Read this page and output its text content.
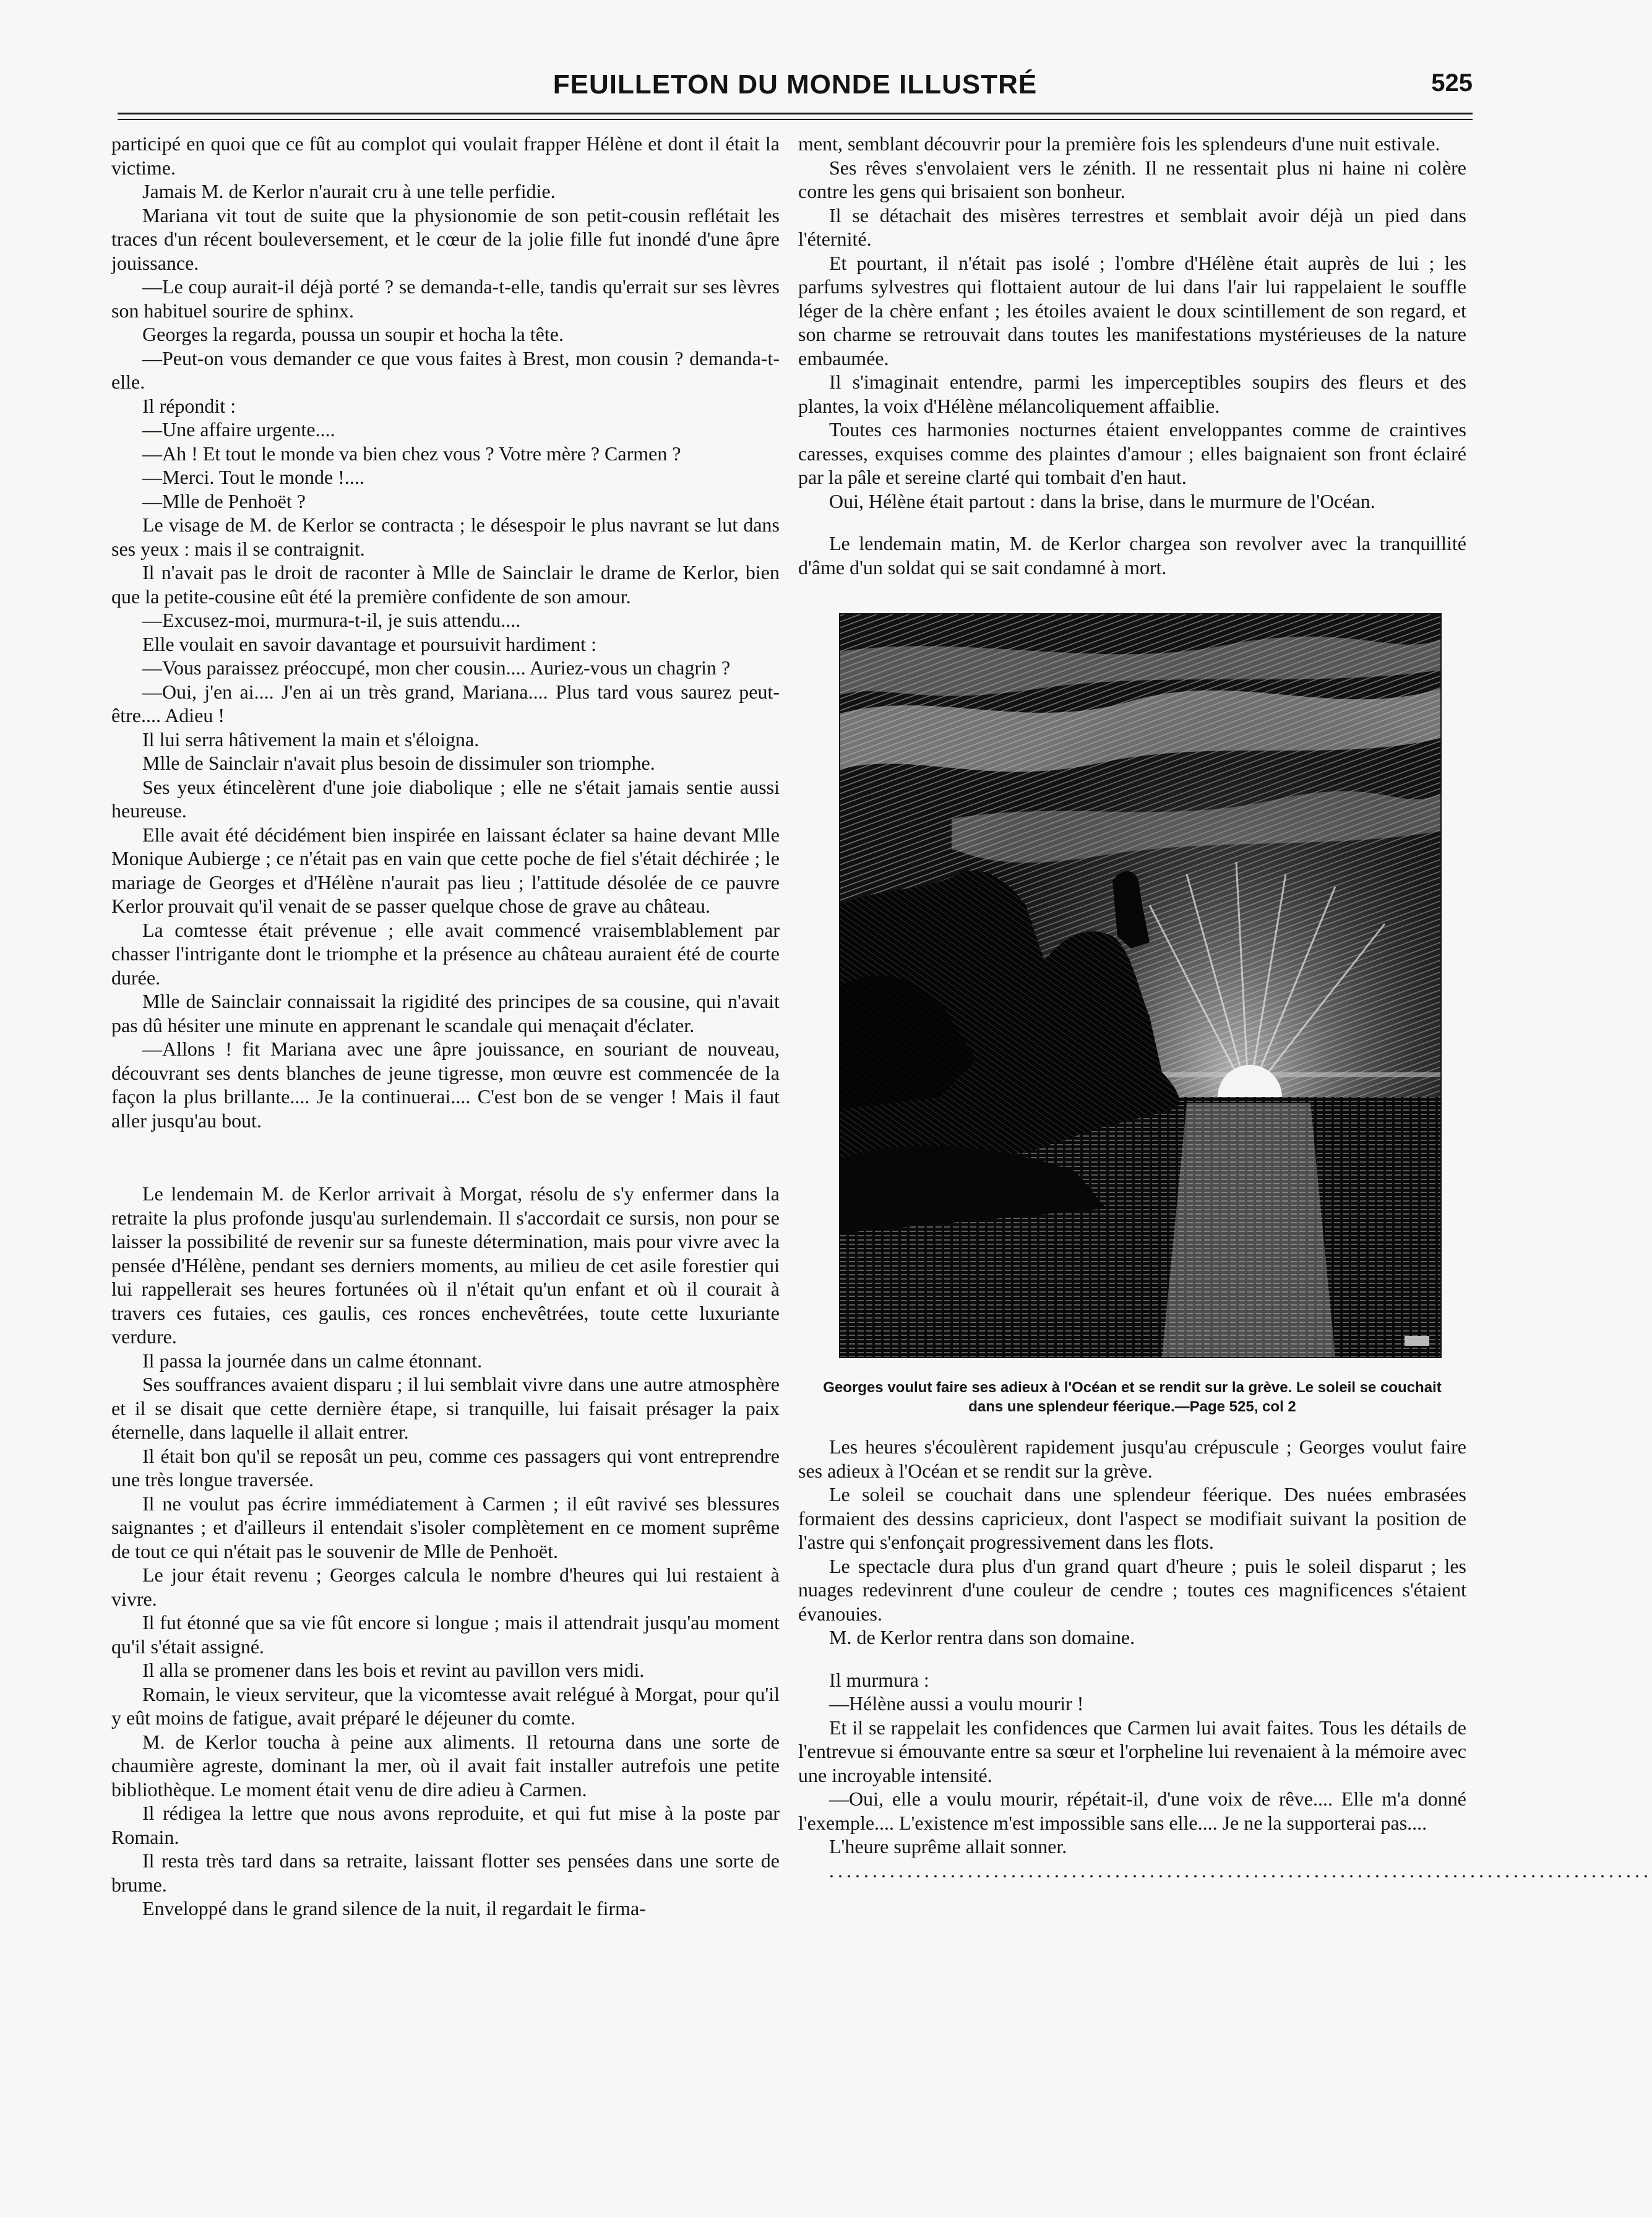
FEUILLETON DU MONDE ILLUSTRÉ	525

participé en quoi que ce fût au complot qui voulait frapper Hélène et dont il était la victime.

Jamais M. de Kerlor n'aurait cru à une telle perfidie.

Mariana vit tout de suite que la physionomie de son petit-cousin reflétait les traces d'un récent bouleversement, et le cœur de la jolie fille fut inondé d'une âpre jouissance.

—Le coup aurait-il déjà porté ? se demanda-t-elle, tandis qu'errait sur ses lèvres son habituel sourire de sphinx.

Georges la regarda, poussa un soupir et hocha la tête.

—Peut-on vous demander ce que vous faites à Brest, mon cousin ? demanda-t-elle.

Il répondit :

—Une affaire urgente....

—Ah ! Et tout le monde va bien chez vous ? Votre mère ? Carmen ?

—Merci. Tout le monde !....

—Mlle de Penhoët ?

Le visage de M. de Kerlor se contracta ; le désespoir le plus navrant se lut dans ses yeux : mais il se contraignit.

Il n'avait pas le droit de raconter à Mlle de Sainclair le drame de Kerlor, bien que la petite-cousine eût été la première confidente de son amour.

—Excusez-moi, murmura-t-il, je suis attendu....

Elle voulait en savoir davantage et poursuivit hardiment :

—Vous paraissez préoccupé, mon cher cousin.... Auriez-vous un chagrin ?

—Oui, j'en ai.... J'en ai un très grand, Mariana.... Plus tard vous saurez peut-être.... Adieu !

Il lui serra hâtivement la main et s'éloigna.

Mlle de Sainclair n'avait plus besoin de dissimuler son triomphe.

Ses yeux étincelèrent d'une joie diabolique ; elle ne s'était jamais sentie aussi heureuse.

Elle avait été décidément bien inspirée en laissant éclater sa haine devant Mlle Monique Aubierge ; ce n'était pas en vain que cette poche de fiel s'était déchirée ; le mariage de Georges et d'Hélène n'aurait pas lieu ; l'attitude désolée de ce pauvre Kerlor prouvait qu'il venait de se passer quelque chose de grave au château.

La comtesse était prévenue ; elle avait commencé vraisemblablement par chasser l'intrigante dont le triomphe et la présence au château auraient été de courte durée.

Mlle de Sainclair connaissait la rigidité des principes de sa cousine, qui n'avait pas dû hésiter une minute en apprenant le scandale qui menaçait d'éclater.

—Allons ! fit Mariana avec une âpre jouissance, en souriant de nouveau, découvrant ses dents blanches de jeune tigresse, mon œuvre est commencée de la façon la plus brillante.... Je la continuerai.... C'est bon de se venger ! Mais il faut aller jusqu'au bout.

Le lendemain M. de Kerlor arrivait à Morgat, résolu de s'y enfermer dans la retraite la plus profonde jusqu'au surlendemain. Il s'accordait ce sursis, non pour se laisser la possibilité de revenir sur sa funeste détermination, mais pour vivre avec la pensée d'Hélène, pendant ses derniers moments, au milieu de cet asile forestier qui lui rappellerait ses heures fortunées où il n'était qu'un enfant et où il courait à travers ces futaies, ces gaulis, ces ronces enchevêtrées, toute cette luxuriante verdure.

Il passa la journée dans un calme étonnant.

Ses souffrances avaient disparu ; il lui semblait vivre dans une autre atmosphère et il se disait que cette dernière étape, si tranquille, lui faisait présager la paix éternelle, dans laquelle il allait entrer.

Il était bon qu'il se reposât un peu, comme ces passagers qui vont entreprendre une très longue traversée.

Il ne voulut pas écrire immédiatement à Carmen ; il eût ravivé ses blessures saignantes ; et d'ailleurs il entendait s'isoler complètement en ce moment suprême de tout ce qui n'était pas le souvenir de Mlle de Penhoët.

Le jour était revenu ; Georges calcula le nombre d'heures qui lui restaient à vivre.

Il fut étonné que sa vie fût encore si longue ; mais il attendrait jusqu'au moment qu'il s'était assigné.

Il alla se promener dans les bois et revint au pavillon vers midi.

Romain, le vieux serviteur, que la vicomtesse avait relégué à Morgat, pour qu'il y eût moins de fatigue, avait préparé le déjeuner du comte.

M. de Kerlor toucha à peine aux aliments. Il retourna dans une sorte de chaumière agreste, dominant la mer, où il avait fait installer autrefois une petite bibliothèque. Le moment était venu de dire adieu à Carmen.

Il rédigea la lettre que nous avons reproduite, et qui fut mise à la poste par Romain.

Il resta très tard dans sa retraite, laissant flotter ses pensées dans une sorte de brume.

Enveloppé dans le grand silence de la nuit, il regardait le firma-

ment, semblant découvrir pour la première fois les splendeurs d'une nuit estivale.

Ses rêves s'envolaient vers le zénith. Il ne ressentait plus ni haine ni colère contre les gens qui brisaient son bonheur.

Il se détachait des misères terrestres et semblait avoir déjà un pied dans l'éternité.

Et pourtant, il n'était pas isolé ; l'ombre d'Hélène était auprès de lui ; les parfums sylvestres qui flottaient autour de lui dans l'air lui rappelaient le souffle léger de la chère enfant ; les étoiles avaient le doux scintillement de son regard, et son charme se retrouvait dans toutes les manifestations mystérieuses de la nature embaumée.

Il s'imaginait entendre, parmi les imperceptibles soupirs des fleurs et des plantes, la voix d'Hélène mélancoliquement affaiblie.

Toutes ces harmonies nocturnes étaient enveloppantes comme de craintives caresses, exquises comme des plaintes d'amour ; elles baignaient son front éclairé par la pâle et sereine clarté qui tombait d'en haut.

Oui, Hélène était partout : dans la brise, dans le murmure de l'Océan.

Le lendemain matin, M. de Kerlor chargea son revolver avec la tranquillité d'âme d'un soldat qui se sait condamné à mort.

Georges voulut faire ses adieux à l'Océan et se rendit sur la grève. Le soleil se couchait dans une splendeur féerique.—Page 525, col 2

Les heures s'écoulèrent rapidement jusqu'au crépuscule ; Georges voulut faire ses adieux à l'Océan et se rendit sur la grève.

Le soleil se couchait dans une splendeur féerique. Des nuées embrasées formaient des dessins capricieux, dont l'aspect se modifiait suivant la position de l'astre qui s'enfonçait progressivement dans les flots.

Le spectacle dura plus d'un grand quart d'heure ; puis le soleil disparut ; les nuages redevinrent d'une couleur de cendre ; toutes ces magnificences s'étaient évanouies.

M. de Kerlor rentra dans son domaine.

Il murmura :

—Hélène aussi a voulu mourir !

Et il se rappelait les confidences que Carmen lui avait faites. Tous les détails de l'entrevue si émouvante entre sa sœur et l'orpheline lui revenaient à la mémoire avec une incroyable intensité.

—Oui, elle a voulu mourir, répétait-il, d'une voix de rêve.... Elle m'a donné l'exemple.... L'existence m'est impossible sans elle.... Je ne la supporterai pas....

L'heure suprême allait sonner.

...............................................................................................
